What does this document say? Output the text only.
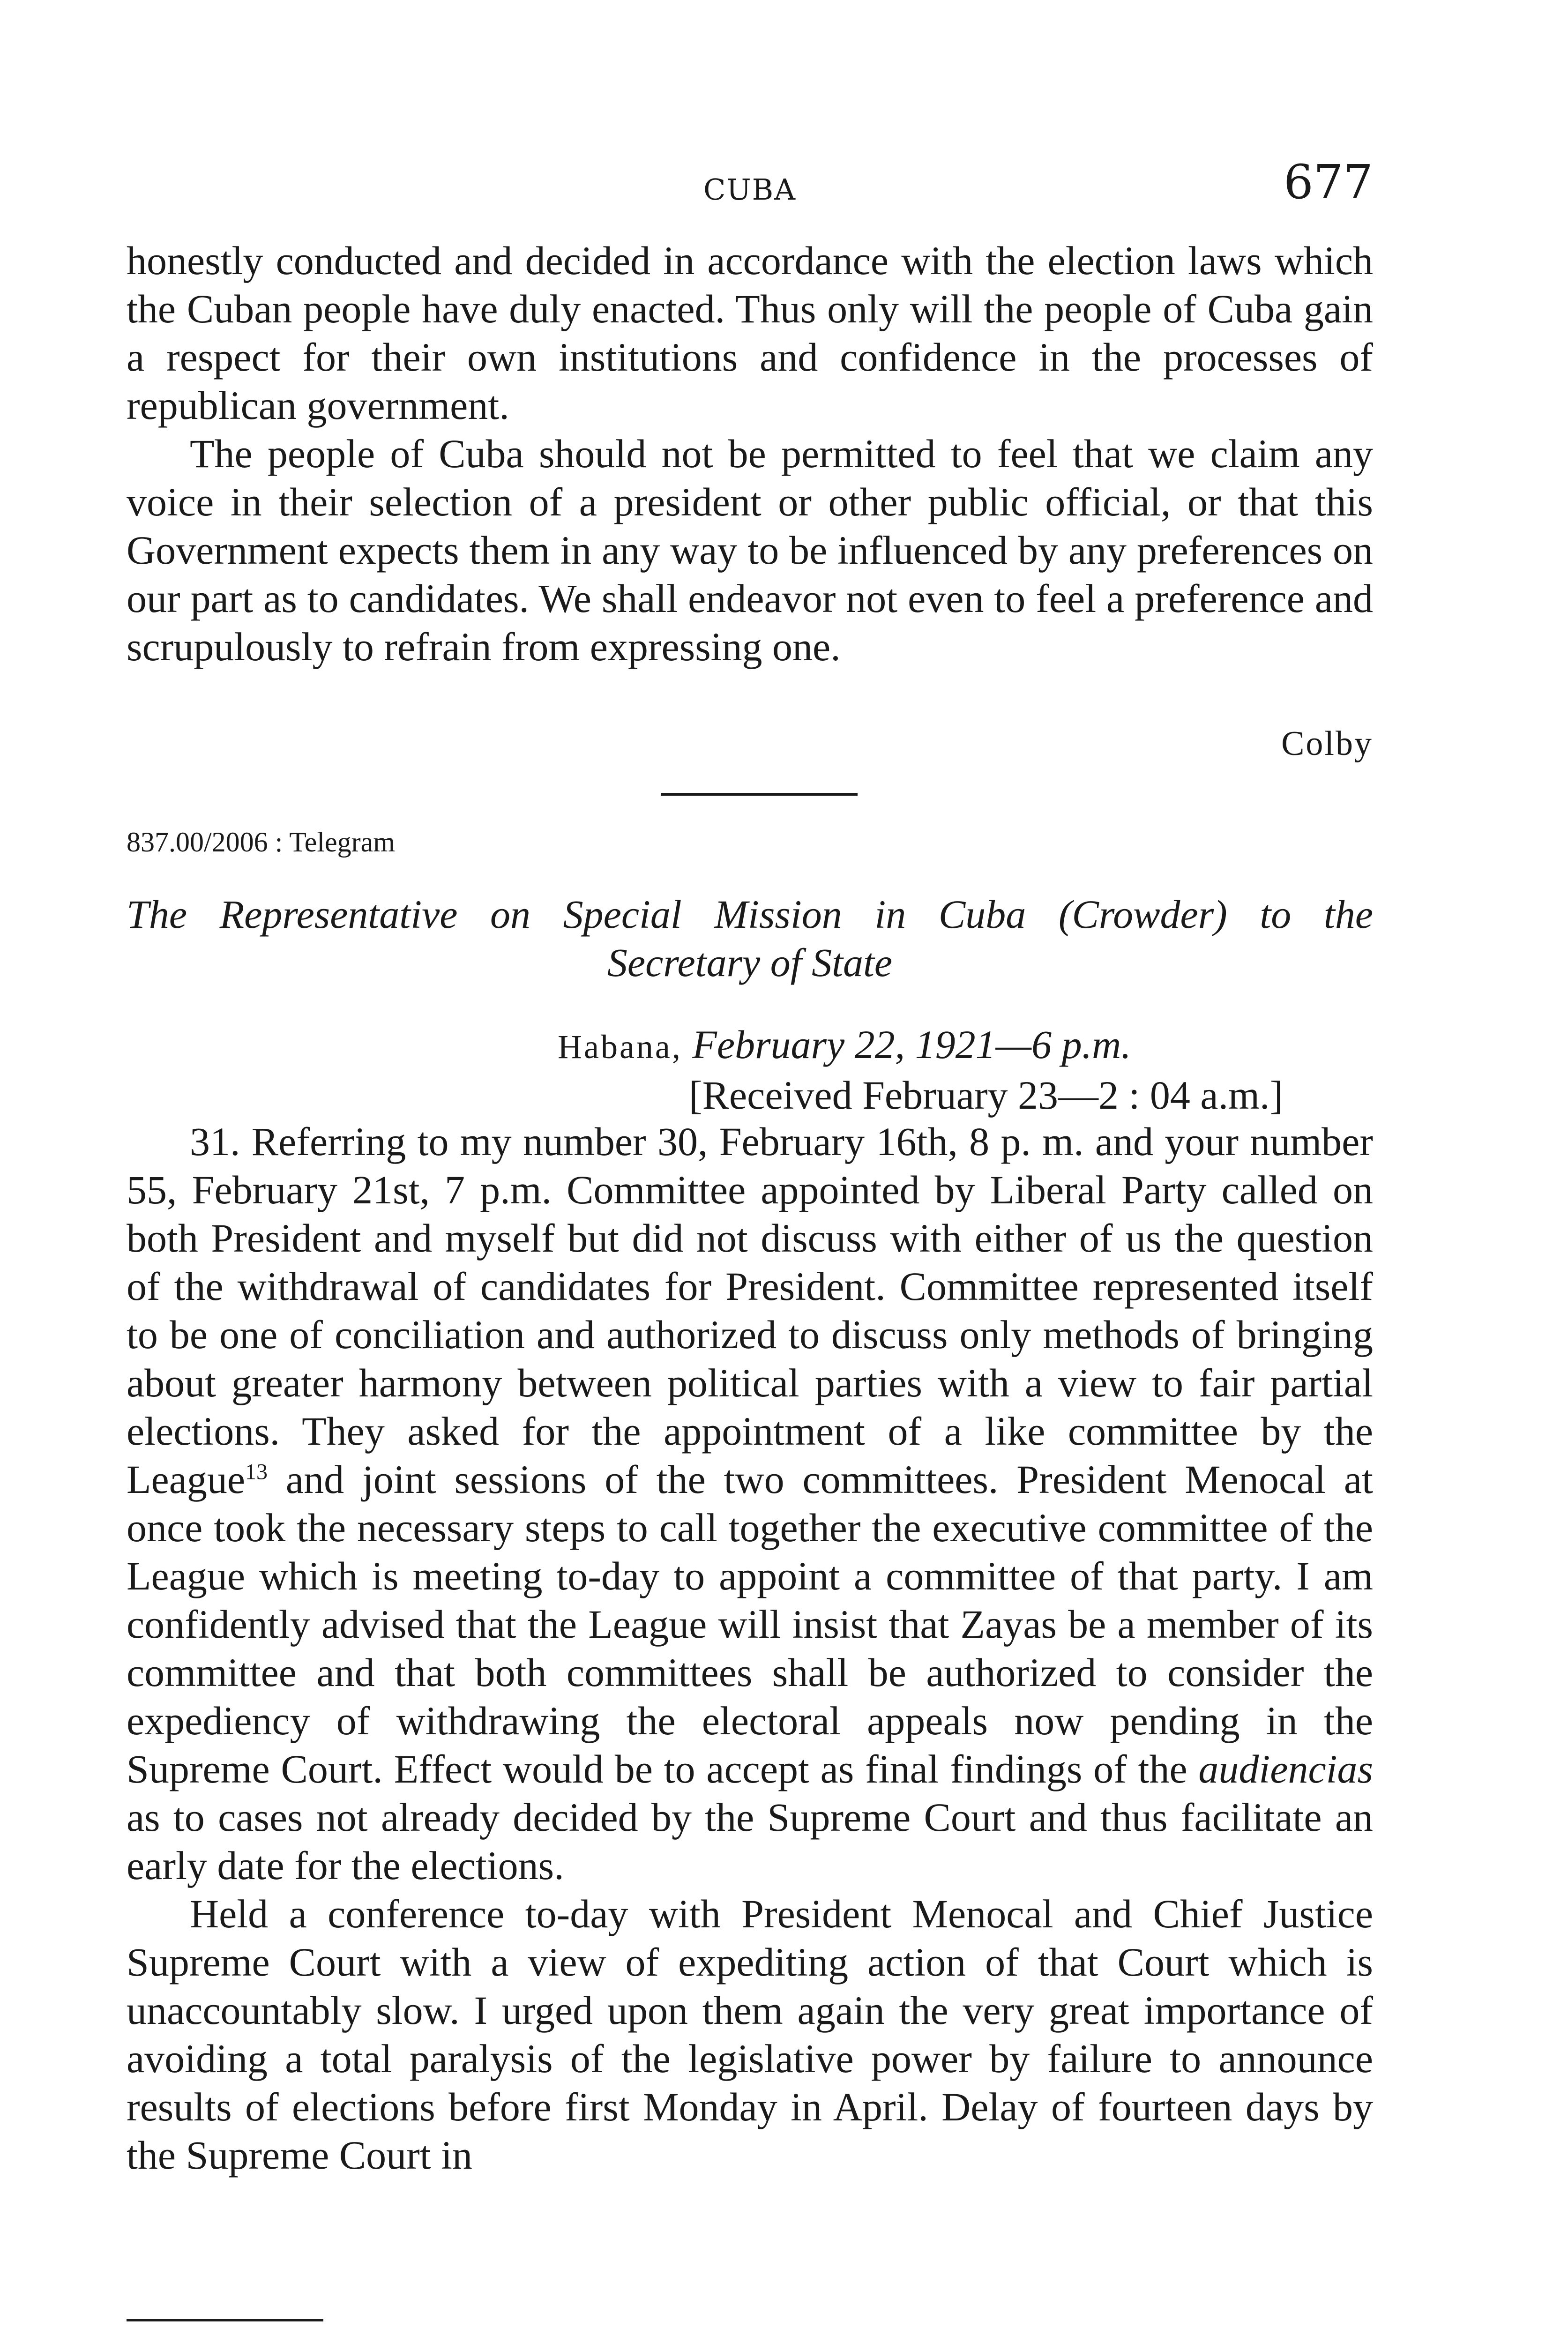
CUBA	677

honestly conducted and decided in accordance with the election laws which the Cuban people have duly enacted. Thus only will the people of Cuba gain a respect for their own institutions and confidence in the processes of republican government.

The people of Cuba should not be permitted to feel that we claim any voice in their selection of a president or other public official, or that this Government expects them in any way to be influenced by any preferences on our part as to candidates. We shall endeavor not even to feel a preference and scrupulously to refrain from expressing one.

Colby
837.00/2006 : Telegram
The Representative on Special Mission in Cuba (Crowder) to the
Secretary of State
Habana, February 22, 1921—6 p.m.
[Received February 23—2 : 04 a.m.]

31. Referring to my number 30, February 16th, 8 p. m. and your number 55, February 21st, 7 p.m. Committee appointed by Liberal Party called on both President and myself but did not discuss with either of us the question of the withdrawal of candidates for President. Committee represented itself to be one of conciliation and authorized to discuss only methods of bringing about greater harmony between political parties with a view to fair partial elections. They asked for the appointment of a like committee by the League$^{13}$ and joint sessions of the two committees. President Menocal at once took the necessary steps to call together the executive committee of the League which is meeting to-day to appoint a committee of that party. I am confidently advised that the League will insist that Zayas be a member of its committee and that both committees shall be authorized to consider the expediency of withdrawing the electoral appeals now pending in the Supreme Court. Effect would be to accept as final findings of the audiencias as to cases not already decided by the Supreme Court and thus facilitate an early date for the elections.

Held a conference to-day with President Menocal and Chief Justice Supreme Court with a view of expediting action of that Court which is unaccountably slow. I urged upon them again the very great importance of avoiding a total paralysis of the legislative power by failure to announce results of elections before first Monday in April. Delay of fourteen days by the Supreme Court in
